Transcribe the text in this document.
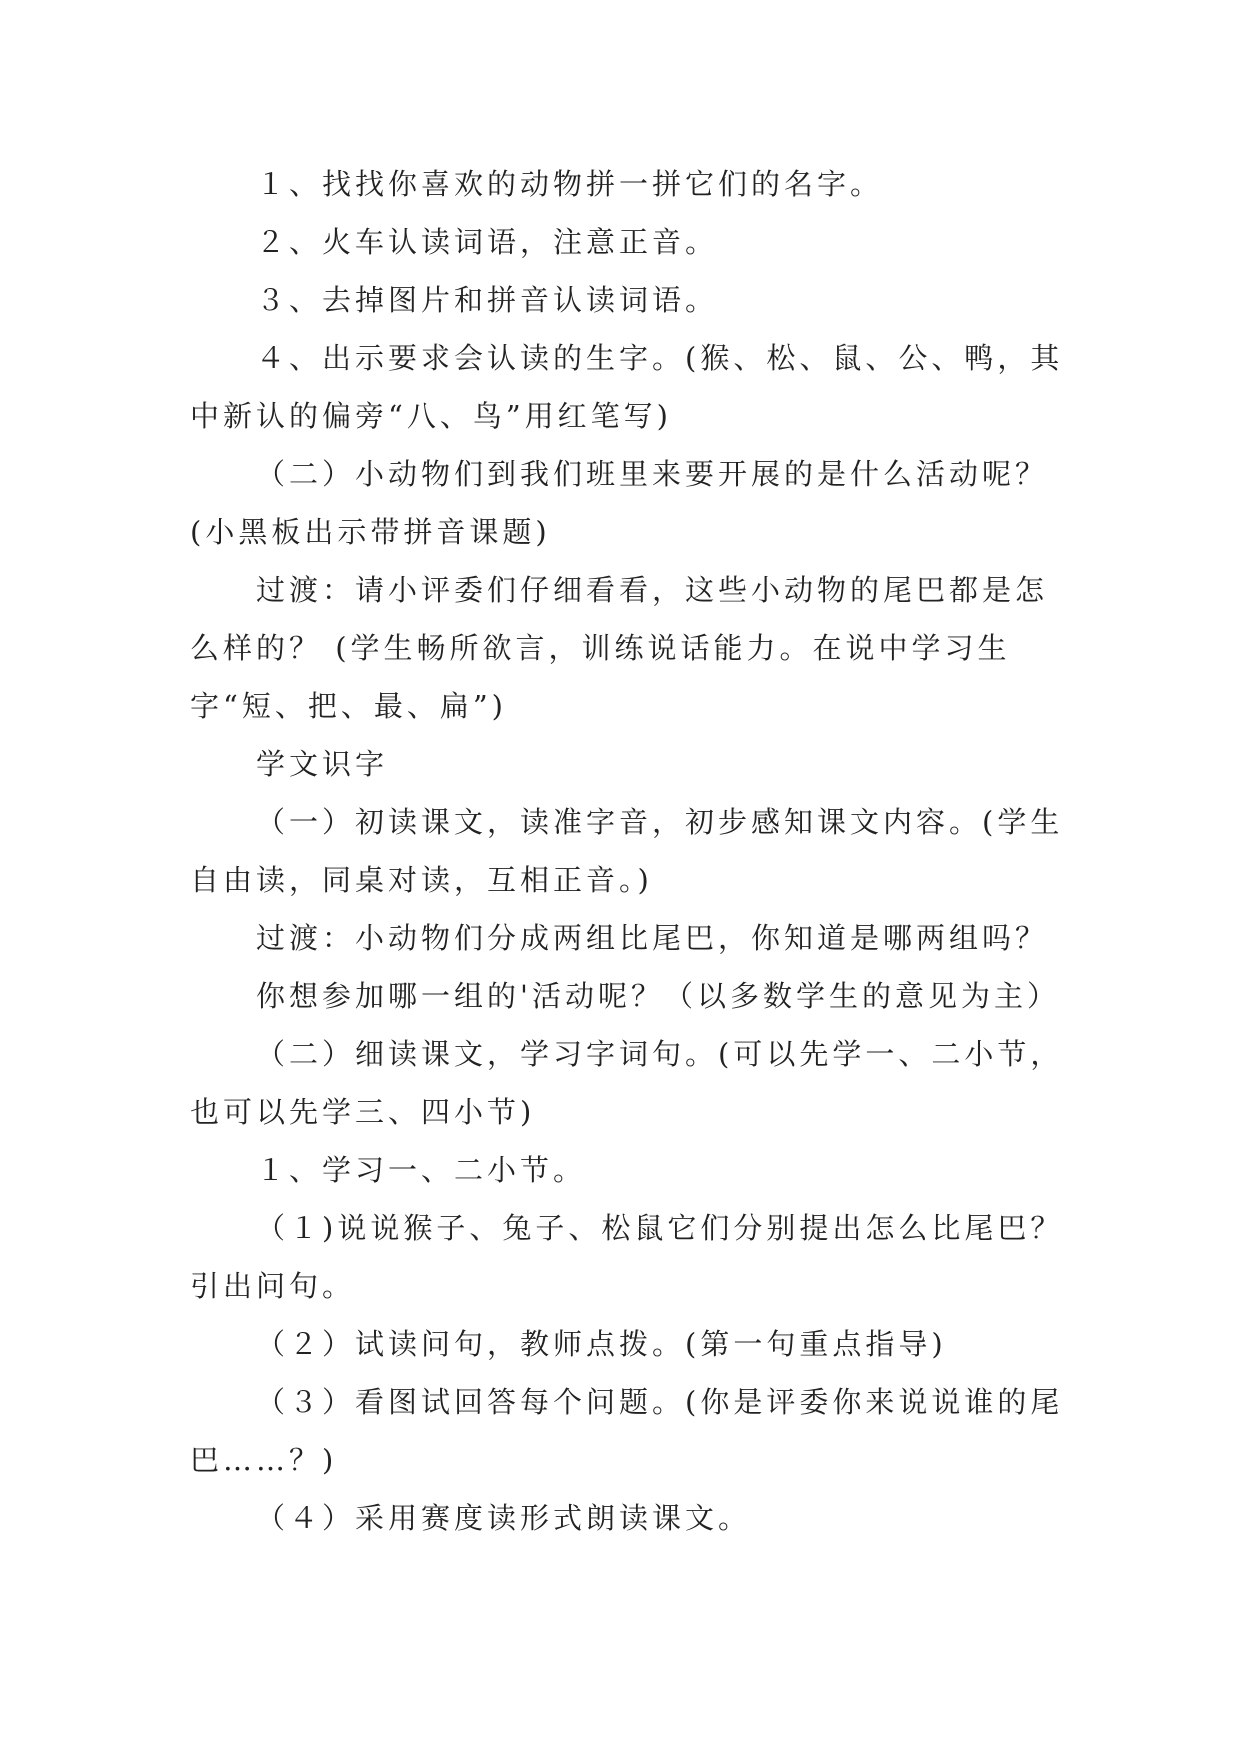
１、找找你喜欢的动物拼一拼它们的名字。

２、火车认读词语，注意正音。

３、去掉图片和拼音认读词语。

４、出示要求会认读的生字。(猴、松、鼠、公、鸭，其中新认的偏旁“八、鸟”用红笔写)

（二）小动物们到我们班里来要开展的是什么活动呢？(小黑板出示带拼音课题)

过渡：请小评委们仔细看看，这些小动物的尾巴都是怎么样的？ (学生畅所欲言，训练说话能力。在说中学习生字“短、把、最、扁”)

学文识字

（一）初读课文，读准字音，初步感知课文内容。(学生自由读，同桌对读，互相正音。)

过渡：小动物们分成两组比尾巴，你知道是哪两组吗？

你想参加哪一组的'活动呢？（以多数学生的意见为主）

（二）细读课文，学习字词句。(可以先学一、二小节，也可以先学三、四小节)

１、学习一、二小节。

（１)说说猴子、兔子、松鼠它们分别提出怎么比尾巴？引出问句。

（２）试读问句，教师点拨。(第一句重点指导)

（３）看图试回答每个问题。(你是评委你来说说谁的尾巴……？)

（４）采用赛度读形式朗读课文。
